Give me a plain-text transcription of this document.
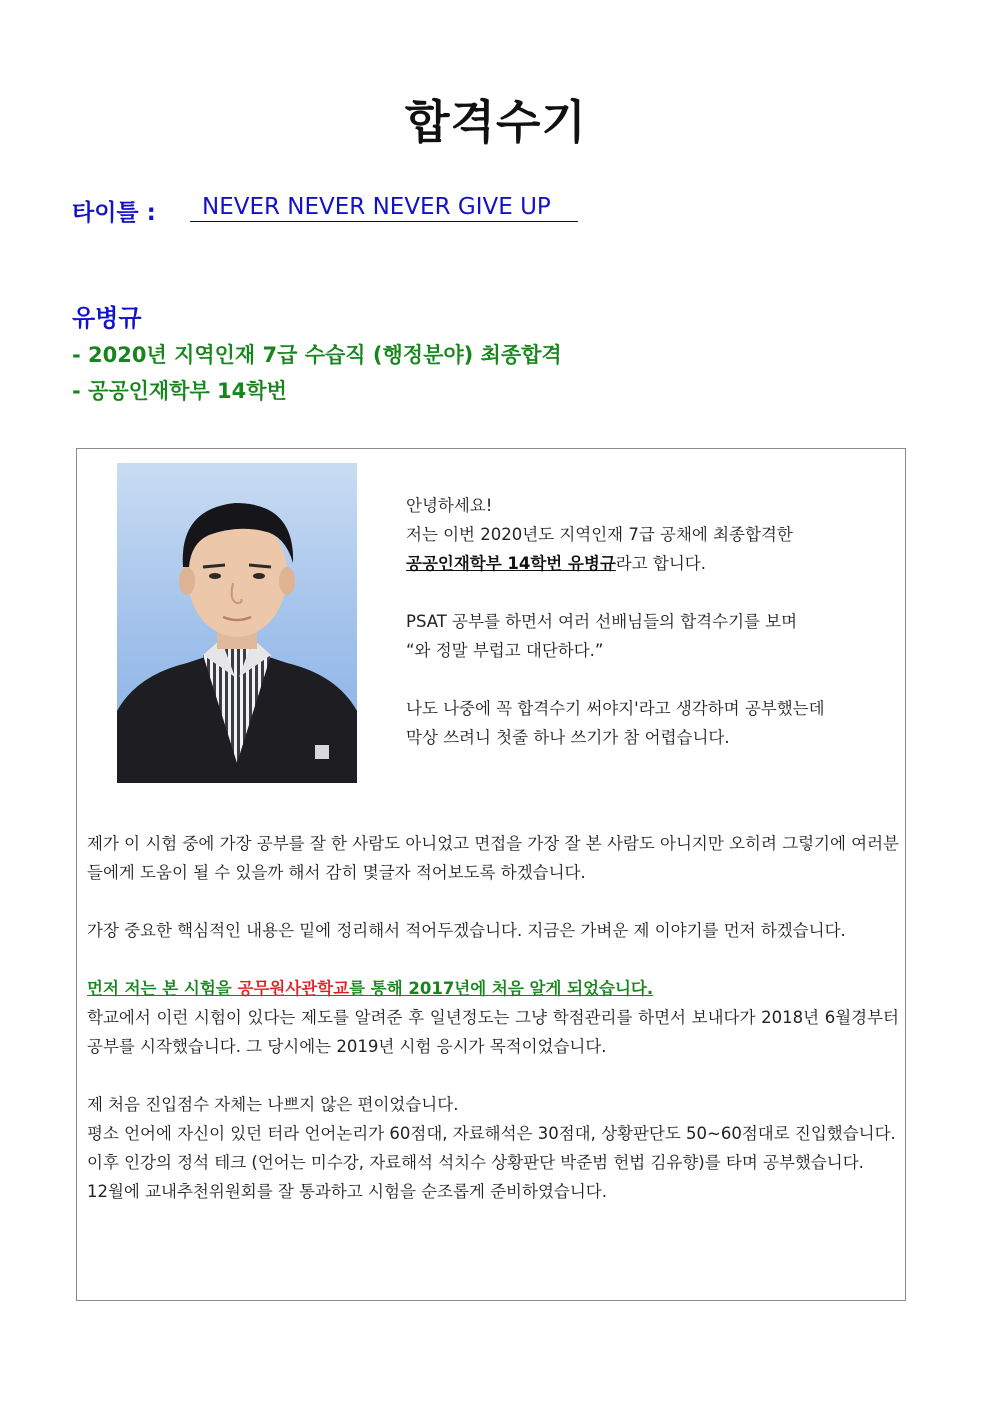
합격수기
타이틀 :	NEVER NEVER NEVER GIVE UP
유병규
- 2020년 지역인재 7급 수습직 (행정분야) 최종합격
- 공공인재학부 14학번

안녕하세요!

저는 이번 2020년도 지역인재 7급 공채에 최종합격한

공공인재학부 14학번 유병규라고 합니다.

PSAT 공부를 하면서 여러 선배님들의 합격수기를 보며

“와 정말 부럽고 대단하다.”

나도 나중에 꼭 합격수기 써야지'라고 생각하며 공부했는데

막상 쓰려니 첫줄 하나 쓰기가 참 어렵습니다.

제가 이 시험 중에 가장 공부를 잘 한 사람도 아니었고 면접을 가장 잘 본 사람도 아니지만 오히려 그렇기에 여러분들에게 도움이 될 수 있을까 해서 감히 몇글자 적어보도록 하겠습니다.

가장 중요한 핵심적인 내용은 밑에 정리해서 적어두겠습니다. 지금은 가벼운 제 이야기를 먼저 하겠습니다.

먼저 저는 본 시험을 공무원사관학교를 통해 2017년에 처음 알게 되었습니다.

학교에서 이런 시험이 있다는 제도를 알려준 후 일년정도는 그냥 학점관리를 하면서 보내다가 2018년 6월경부터 공부를 시작했습니다. 그 당시에는 2019년 시험 응시가 목적이었습니다.

제 처음 진입점수 자체는 나쁘지 않은 편이었습니다.

평소 언어에 자신이 있던 터라 언어논리가 60점대, 자료해석은 30점대, 상황판단도 50~60점대로 진입했습니다.

이후 인강의 정석 테크 (언어는 미수강, 자료해석 석치수 상황판단 박준범 헌법 김유향)를 타며 공부했습니다.

12월에 교내추천위원회를 잘 통과하고 시험을 순조롭게 준비하였습니다.
